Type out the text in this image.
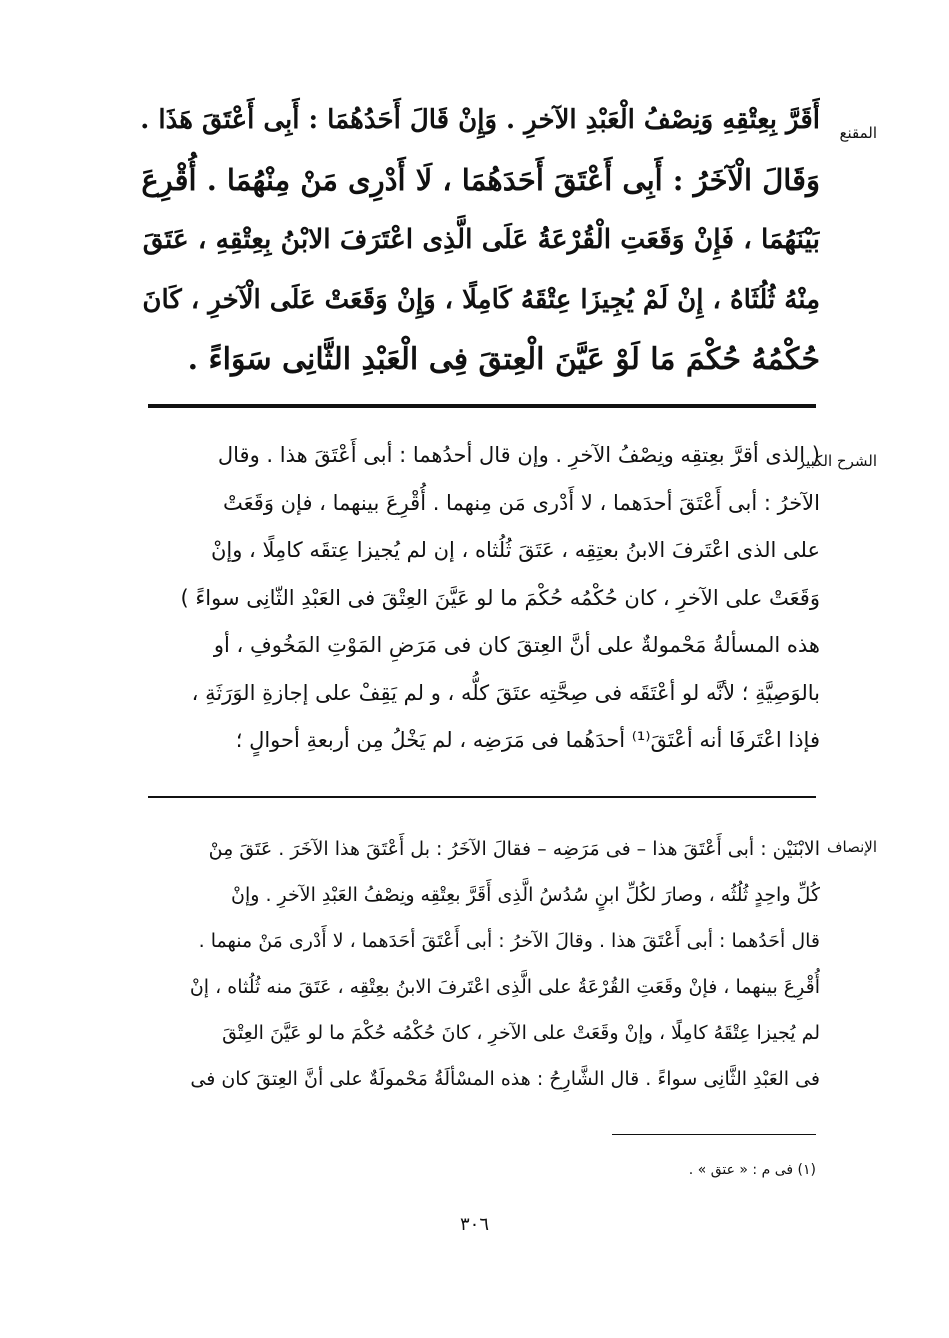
المقنع
أَقَرَّ بِعِتْقِهِ وَنِصْفُ الْعَبْدِ الآخرِ . وَإِنْ قَالَ أَحَدُهُمَا : أَبِى أَعْتَقَ هَذَا .
وَقَالَ الْآخَرُ : أَبِى أَعْتَقَ أَحَدَهُمَا ، لَا أَدْرِى مَنْ مِنْهُمَا . أُقْرِعَ
بَيْنَهُمَا ، فَإِنْ وَقَعَتِ الْقُرْعَةُ عَلَى الَّذِى اعْتَرَفَ الابْنُ بِعِتْقِهِ ، عَتَقَ
مِنْهُ ثُلُثَاهُ ، إِنْ لَمْ يُجِيزَا عِتْقَهُ كَامِلًا ، وَإِنْ وَقَعَتْ عَلَى الْآخرِ ، كَانَ
حُكْمُهُ حُكْمَ مَا لَوْ عَيَّنَ الْعِتقَ فِى الْعَبْدِ الثَّانِى سَوَاءً .
الشرح الكبير
( الذى أقرَّ بعِتقِه ونِصْفُ الآخرِ . وإن قال أحدُهما : أبى أَعْتَقَ هذا . وقال
الآخرُ : أبى أَعْتَقَ أحدَهما ، لا أَدْرى مَن مِنهما . أُقْرِعَ بينهما ، فإن وَقَعَتْ
على الذى اعْتَرفَ الابنُ بعتِقِه ، عَتَقَ ثُلُثاه ، إن لم يُجيزا عِتقَه كامِلًا ، وإنْ
وَقَعَتْ على الآخرِ ، كان حُكْمُه حُكْمَ ما لو عَيَّنَ العِتْقَ فى العَبْدِ الثّانِى سواءً )
هذه المسألةُ مَحْمولةٌ على أنَّ العِتقَ كان فى مَرَضِ المَوْتِ المَخُوفِ ، أو
بالوَصِيَّةِ ؛ لأنَّه لو أعْتَقَه فى صِحَّتِه عتَقَ كلُّه ، و لم يَقِفْ على إجازةِ الوَرَثَةِ ،
فإذا اعْتَرفَا أنه أعْتَقَ⁽¹⁾ أحدَهُما فى مَرَضِه ، لم يَخْلُ مِن أربعةِ أحوالٍ ؛
الإنصاف
الابْنَيْن : أبى أَعْتَقَ هذا – فى مَرَضِه – فقالَ الآخَرُ : بل أَعْتَقَ هذا الآخَرَ . عَتَقَ مِنْ
كُلِّ واحِدٍ ثُلُثُه ، وصارَ لكُلِّ ابنٍ سُدُسُ الَّذِى أَقَرَّ بعِتْقِه ونِصْفُ العَبْدِ الآخرِ . وإنْ
قال أحَدُهما : أبى أَعْتَقَ هذا . وقالَ الآخرُ : أبى أَعْتَقَ أحَدَهما ، لا أَدْرى مَنْ منهما .
أُقْرِعَ بينهما ، فإنْ وقَعَتِ القُرْعَةُ على الَّذِى اعْتَرفَ الابنُ بعِتْقِه ، عَتَقَ منه ثُلُثاه ، إنْ
لم يُجيزا عِتْقَهُ كامِلًا ، وإنْ وقَعَتْ على الآخرِ ، كانَ حُكْمُه حُكْمَ ما لو عَيَّنَ العِتْقَ
فى العَبْدِ الثَّانِى سواءً . قال الشَّارِحُ : هذه المسْألَةُ مَحْمولَةٌ على أنَّ العِتقَ كان فى
(١) فى م : « عتق » .
٣٠٦
